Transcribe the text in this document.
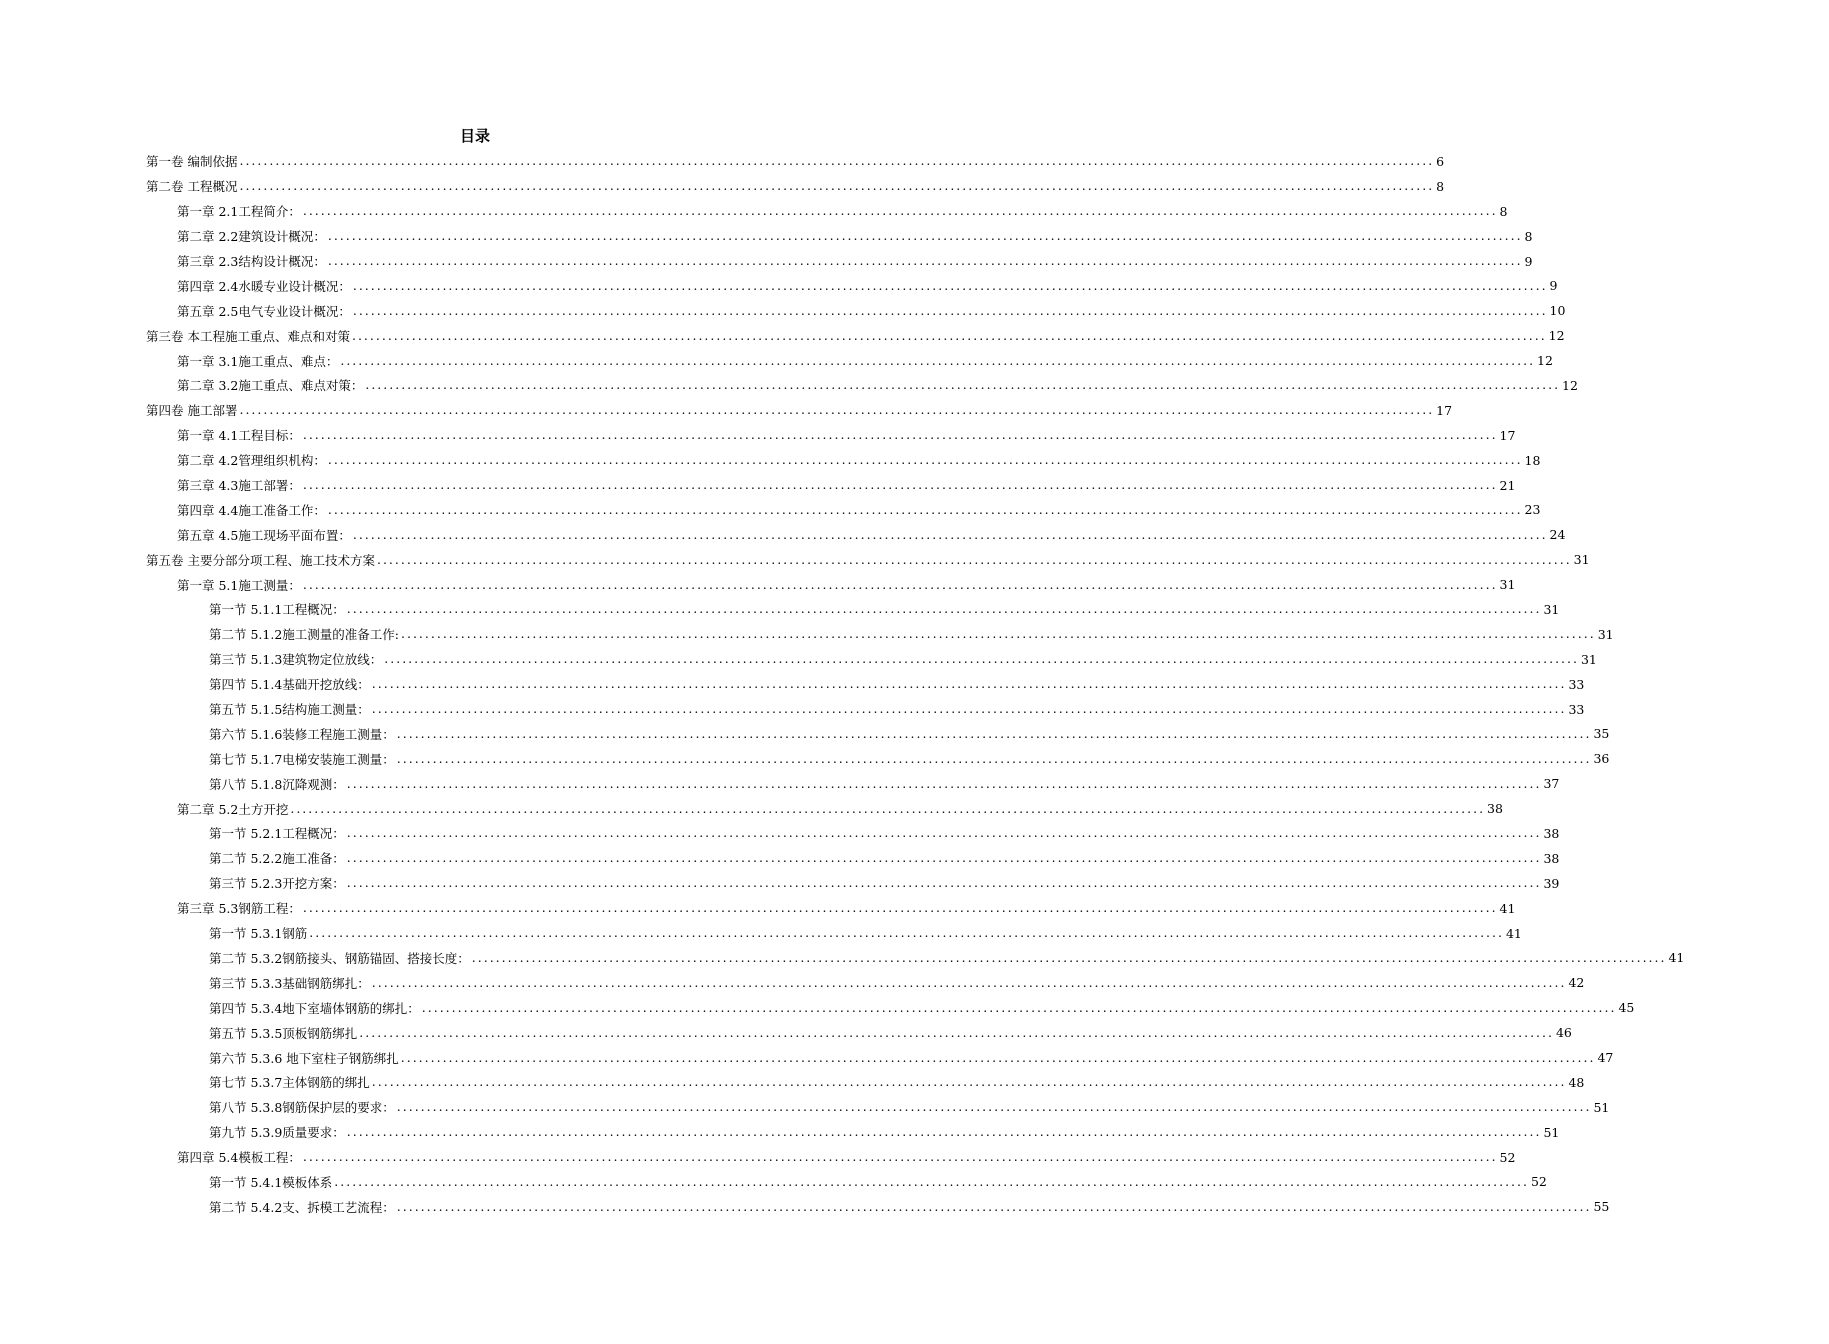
目录
第一卷 编制依据 ........................................................................................................................................................................................................ 6
第二卷 工程概况 ........................................................................................................................................................................................................ 8
第一章 2.1工程简介： ........................................................................................................................................................................................................ 8
第二章 2.2建筑设计概况： ........................................................................................................................................................................................................ 8
第三章 2.3结构设计概况： ........................................................................................................................................................................................................ 9
第四章 2.4水暖专业设计概况： ........................................................................................................................................................................................................ 9
第五章 2.5电气专业设计概况： ........................................................................................................................................................................................................ 10
第三卷 本工程施工重点、难点和对策 ........................................................................................................................................................................................................ 12
第一章 3.1施工重点、难点： ........................................................................................................................................................................................................ 12
第二章 3.2施工重点、难点对策： ........................................................................................................................................................................................................ 12
第四卷 施工部署 ........................................................................................................................................................................................................ 17
第一章 4.1工程目标： ........................................................................................................................................................................................................ 17
第二章 4.2管理组织机构： ........................................................................................................................................................................................................ 18
第三章 4.3施工部署： ........................................................................................................................................................................................................ 21
第四章 4.4施工准备工作： ........................................................................................................................................................................................................ 23
第五章 4.5施工现场平面布置： ........................................................................................................................................................................................................ 24
第五卷 主要分部分项工程、施工技术方案 ........................................................................................................................................................................................................ 31
第一章 5.1施工测量： ........................................................................................................................................................................................................ 31
第一节 5.1.1工程概况： ........................................................................................................................................................................................................ 31
第二节 5.1.2施工测量的准备工作: ........................................................................................................................................................................................................ 31
第三节 5.1.3建筑物定位放线： ........................................................................................................................................................................................................ 31
第四节 5.1.4基础开挖放线： ........................................................................................................................................................................................................ 33
第五节 5.1.5结构施工测量： ........................................................................................................................................................................................................ 33
第六节 5.1.6装修工程施工测量： ........................................................................................................................................................................................................ 35
第七节 5.1.7电梯安装施工测量： ........................................................................................................................................................................................................ 36
第八节 5.1.8沉降观测： ........................................................................................................................................................................................................ 37
第二章 5.2土方开挖 ........................................................................................................................................................................................................ 38
第一节 5.2.1工程概况： ........................................................................................................................................................................................................ 38
第二节 5.2.2施工准备： ........................................................................................................................................................................................................ 38
第三节 5.2.3开挖方案： ........................................................................................................................................................................................................ 39
第三章 5.3钢筋工程： ........................................................................................................................................................................................................ 41
第一节 5.3.1钢筋 ........................................................................................................................................................................................................ 41
第二节 5.3.2钢筋接头、钢筋锚固、搭接长度： ........................................................................................................................................................................................................ 41
第三节 5.3.3基础钢筋绑扎： ........................................................................................................................................................................................................ 42
第四节 5.3.4地下室墙体钢筋的绑扎： ........................................................................................................................................................................................................ 45
第五节 5.3.5顶板钢筋绑扎 ........................................................................................................................................................................................................ 46
第六节 5.3.6 地下室柱子钢筋绑扎 ........................................................................................................................................................................................................ 47
第七节 5.3.7主体钢筋的绑扎 ........................................................................................................................................................................................................ 48
第八节 5.3.8钢筋保护层的要求： ........................................................................................................................................................................................................ 51
第九节 5.3.9质量要求： ........................................................................................................................................................................................................ 51
第四章 5.4模板工程： ........................................................................................................................................................................................................ 52
第一节 5.4.1模板体系 ........................................................................................................................................................................................................ 52
第二节 5.4.2支、拆模工艺流程： ........................................................................................................................................................................................................ 55
